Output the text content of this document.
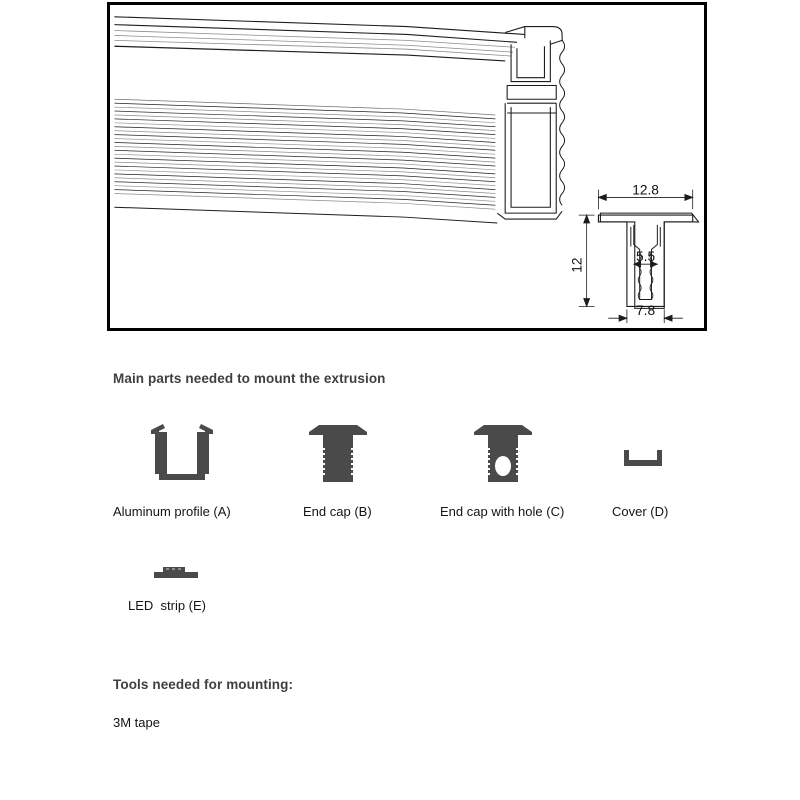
12.8
12
5.5
7.8
Main parts needed to mount the extrusion
Aluminum profile (A)	End cap (B)	End cap with hole (C)	Cover (D)
LED  strip (E)
Tools needed for mounting:
3M tape
